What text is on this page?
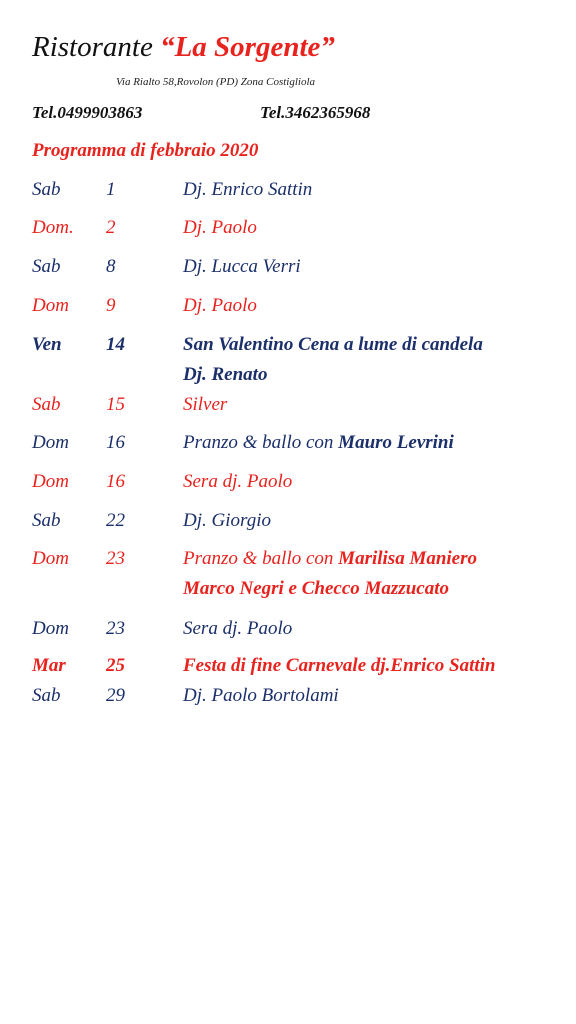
Ristorante “La Sorgente”
Via Rialto 58,Rovolon (PD) Zona Costigliola
Tel.0499903863	Tel.3462365968
Programma di febbraio 2020
Sab 1	Dj. Enrico Sattin
Dom. 2	Dj. Paolo
Sab 8	Dj. Lucca Verri
Dom 9	Dj. Paolo
Ven 14	San Valentino Cena a lume di candela
Dj. Renato
Sab 15	Silver
Dom 16	Pranzo & ballo con Mauro Levrini
Dom 16	Sera dj. Paolo
Sab 22	Dj. Giorgio
Dom 23	Pranzo & ballo con Marilisa Maniero
Marco Negri e Checco Mazzucato
Dom 23	Sera dj. Paolo
Mar 25	Festa di fine Carnevale dj.Enrico Sattin
Sab 29	Dj. Paolo Bortolami
